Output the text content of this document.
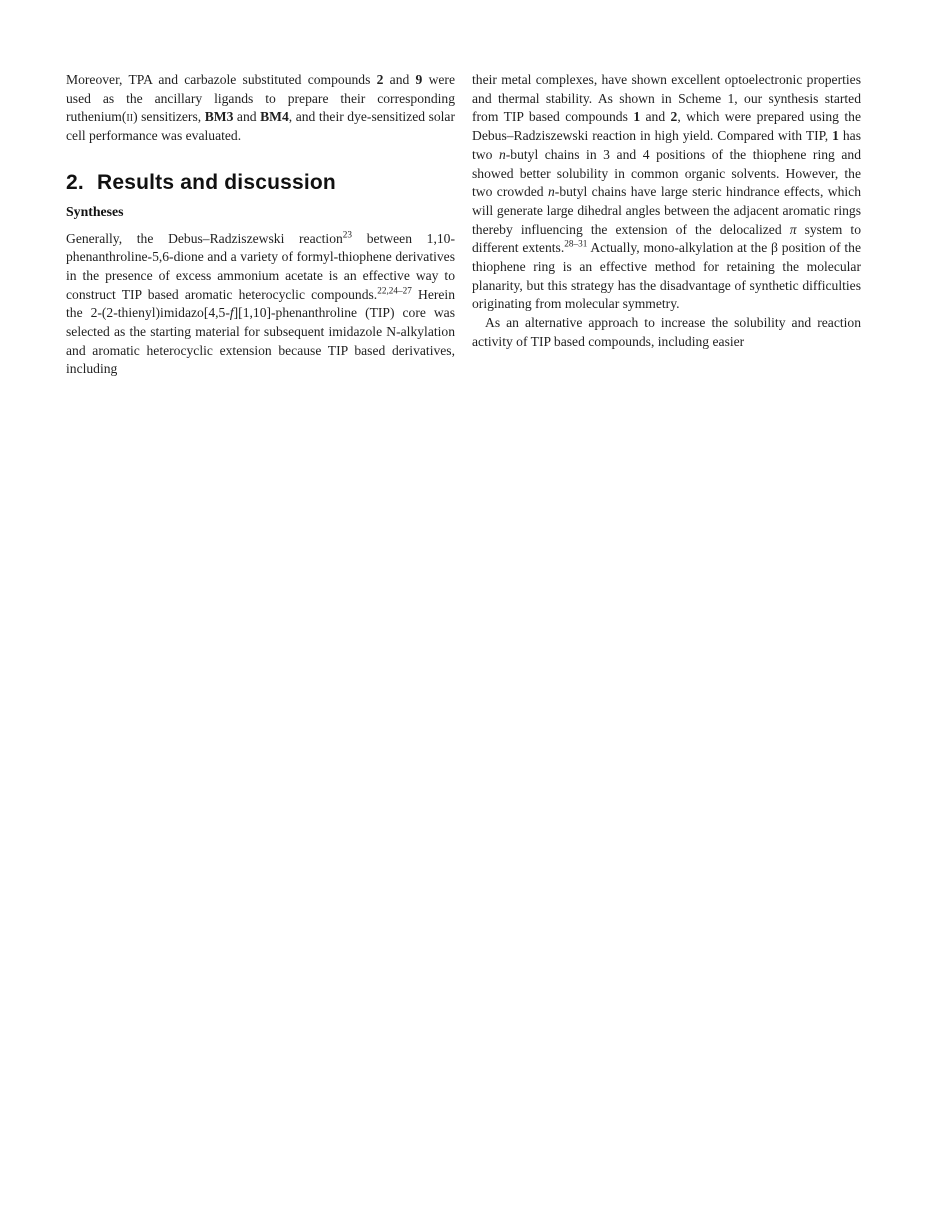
Moreover, TPA and carbazole substituted compounds 2 and 9 were used as the ancillary ligands to prepare their corresponding ruthenium(ii) sensitizers, BM3 and BM4, and their dye-sensitized solar cell performance was evaluated.

2. Results and discussion
Syntheses

Generally, the Debus–Radziszewski reaction$^{23}$ between 1,10-phenanthroline-5,6-dione and a variety of formyl-thiophene derivatives in the presence of excess ammonium acetate is an effective way to construct TIP based aromatic heterocyclic compounds.$^{22,24-27}$ Herein the 2-(2-thienyl)imidazo[4,5-f][1,10]-phenanthroline (TIP) core was selected as the starting material for subsequent imidazole N-alkylation and aromatic heterocyclic extension because TIP based derivatives, including

their metal complexes, have shown excellent optoelectronic properties and thermal stability. As shown in Scheme 1, our synthesis started from TIP based compounds 1 and 2, which were prepared using the Debus–Radziszewski reaction in high yield. Compared with TIP, 1 has two n-butyl chains in 3 and 4 positions of the thiophene ring and showed better solubility in common organic solvents. However, the two crowded n-butyl chains have large steric hindrance effects, which will generate large dihedral angles between the adjacent aromatic rings thereby influencing the extension of the delocalized π system to different extents.$^{28-31}$ Actually, mono-alkylation at the β position of the thiophene ring is an effective method for retaining the molecular planarity, but this strategy has the disadvantage of synthetic difficulties originating from molecular symmetry.

As an alternative approach to increase the solubility and reaction activity of TIP based compounds, including easier
